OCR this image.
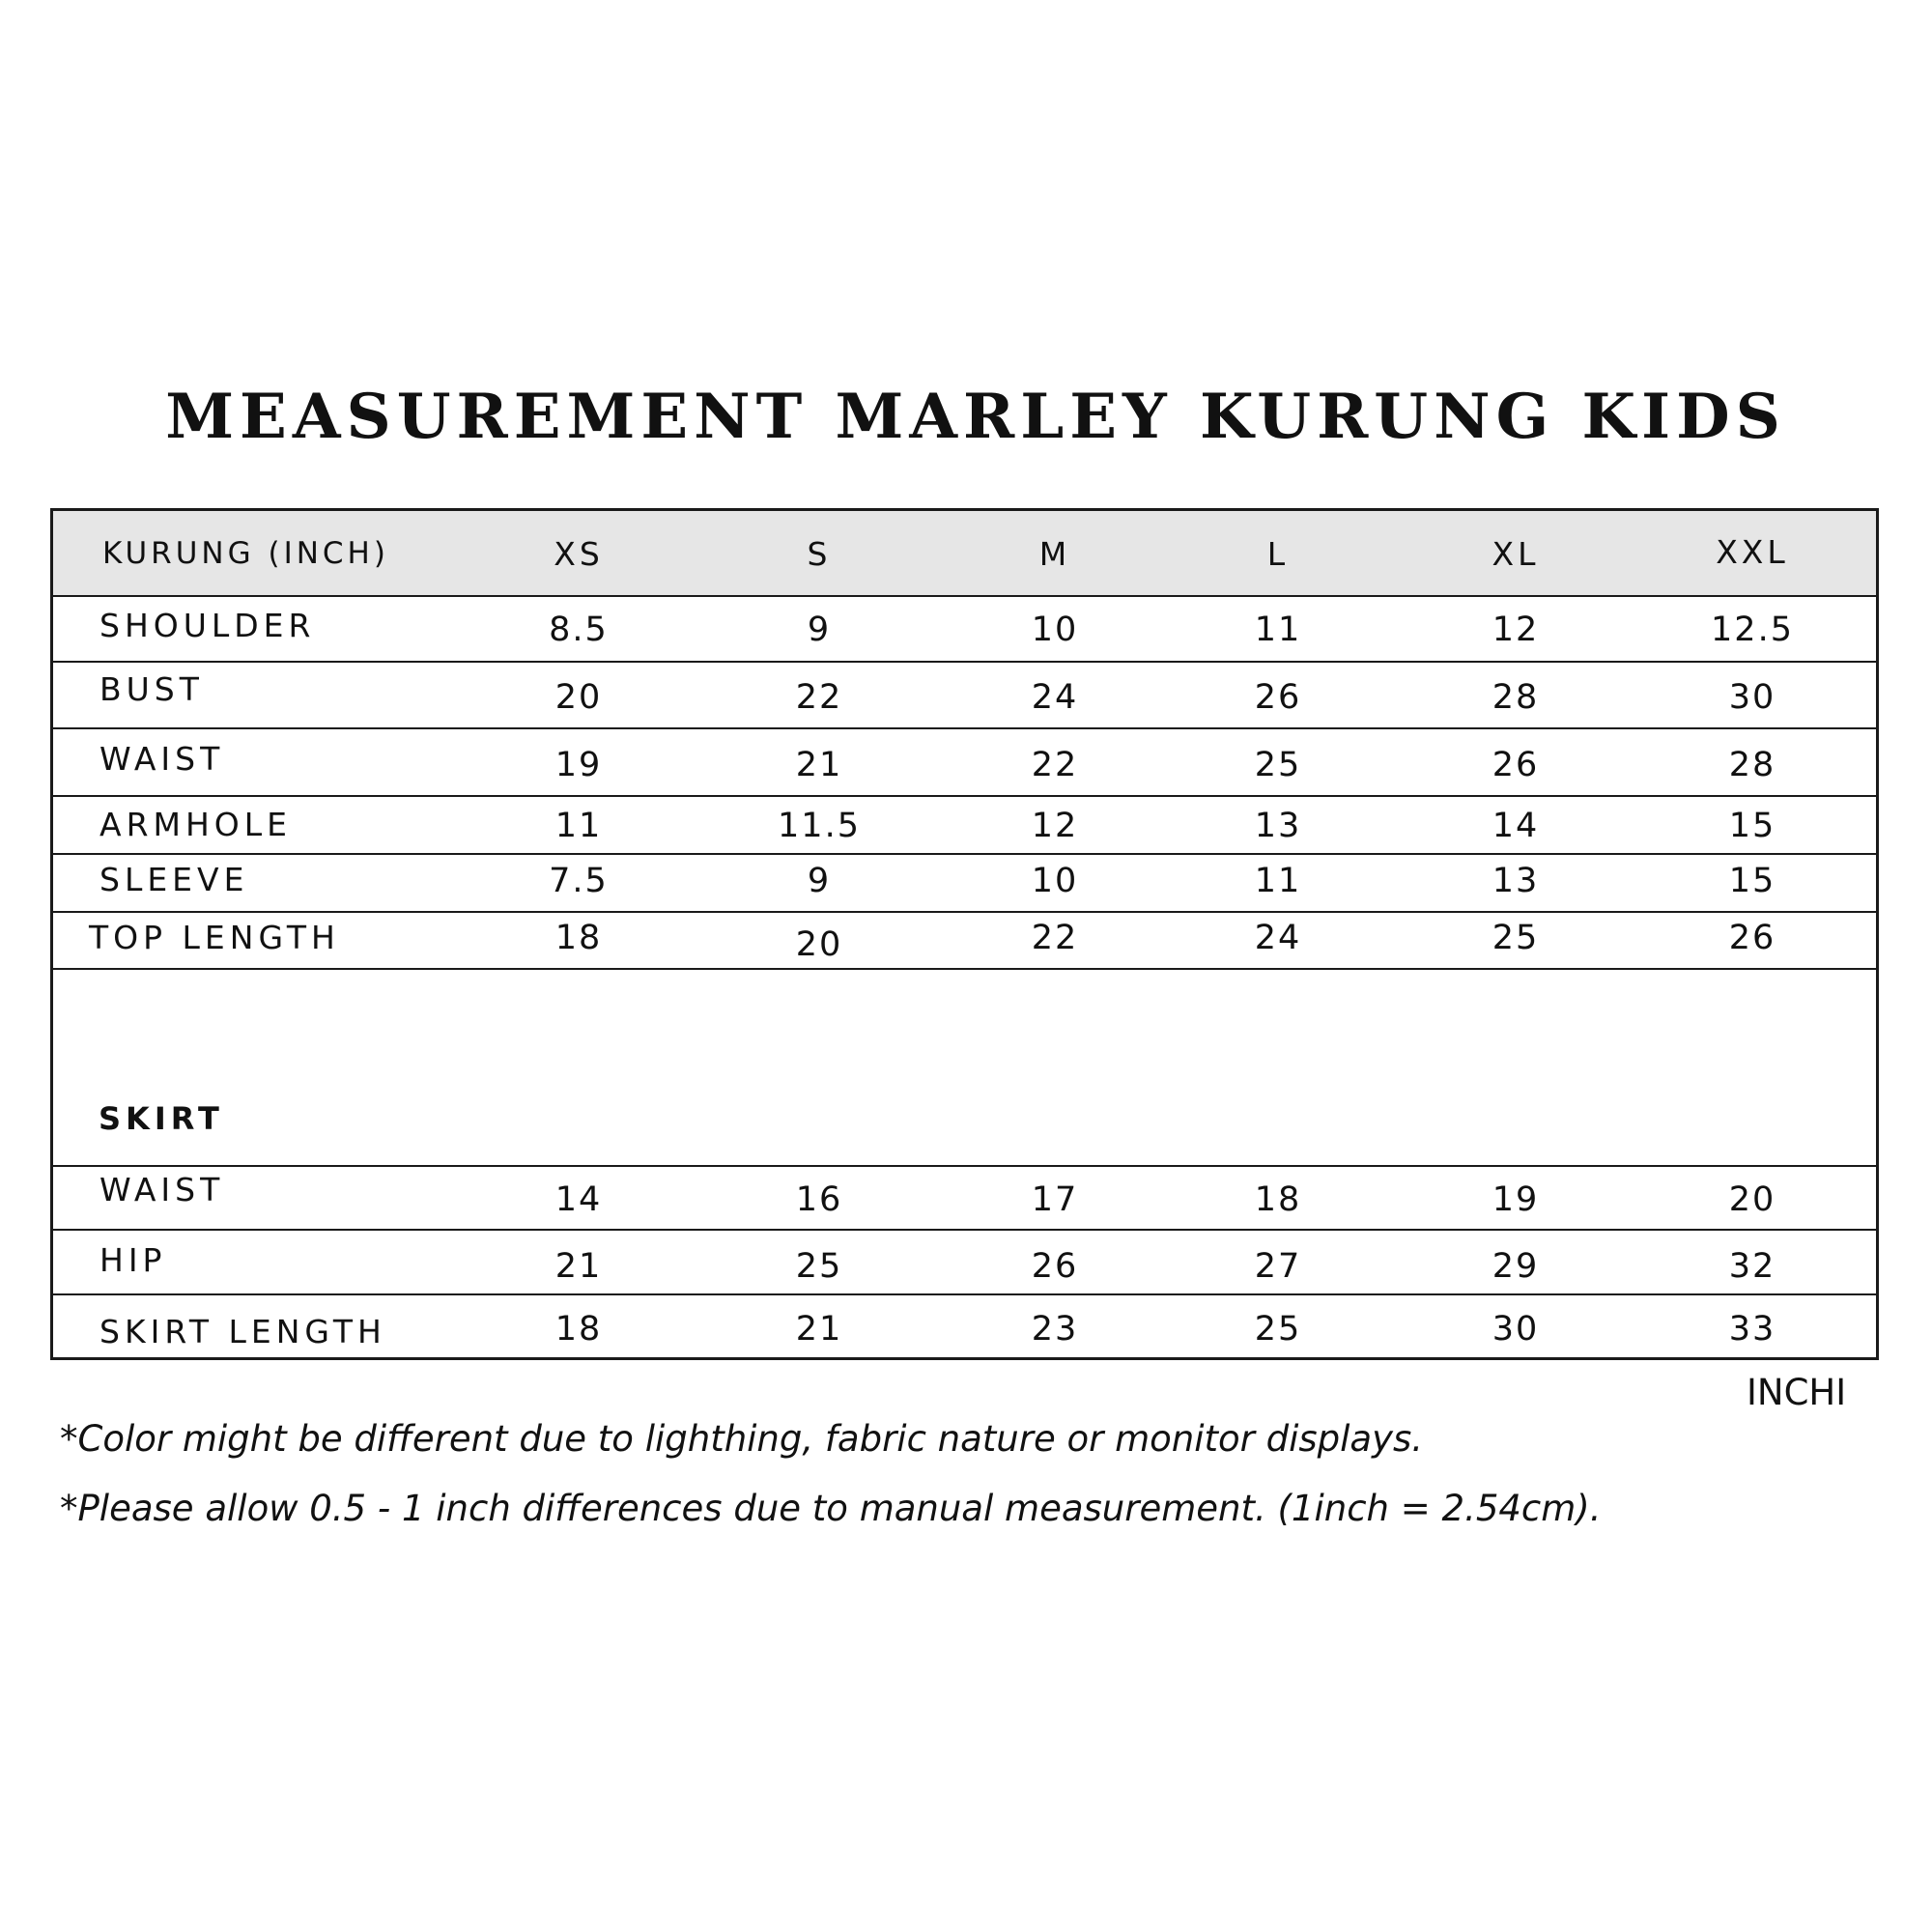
MEASUREMENT MARLEY KURUNG KIDS
KURUNG (INCH)	XS	S	M	L	XL	XXL
SHOULDER	8.5	9	10	11	12	12.5
BUST	20	22	24	26	28	30
WAIST	19	21	22	25	26	28
ARMHOLE	11	11.5	12	13	14	15
SLEEVE	7.5	9	10	11	13	15
TOP LENGTH	18	20	22	24	25	26
SKIRT
WAIST	14	16	17	18	19	20
HIP	21	25	26	27	29	32
SKIRT LENGTH	18	21	23	25	30	33
INCHI
*Color might be different due to lighthing, fabric nature or monitor displays.
*Please allow 0.5 - 1 inch differences due to manual measurement. (1inch = 2.54cm).
